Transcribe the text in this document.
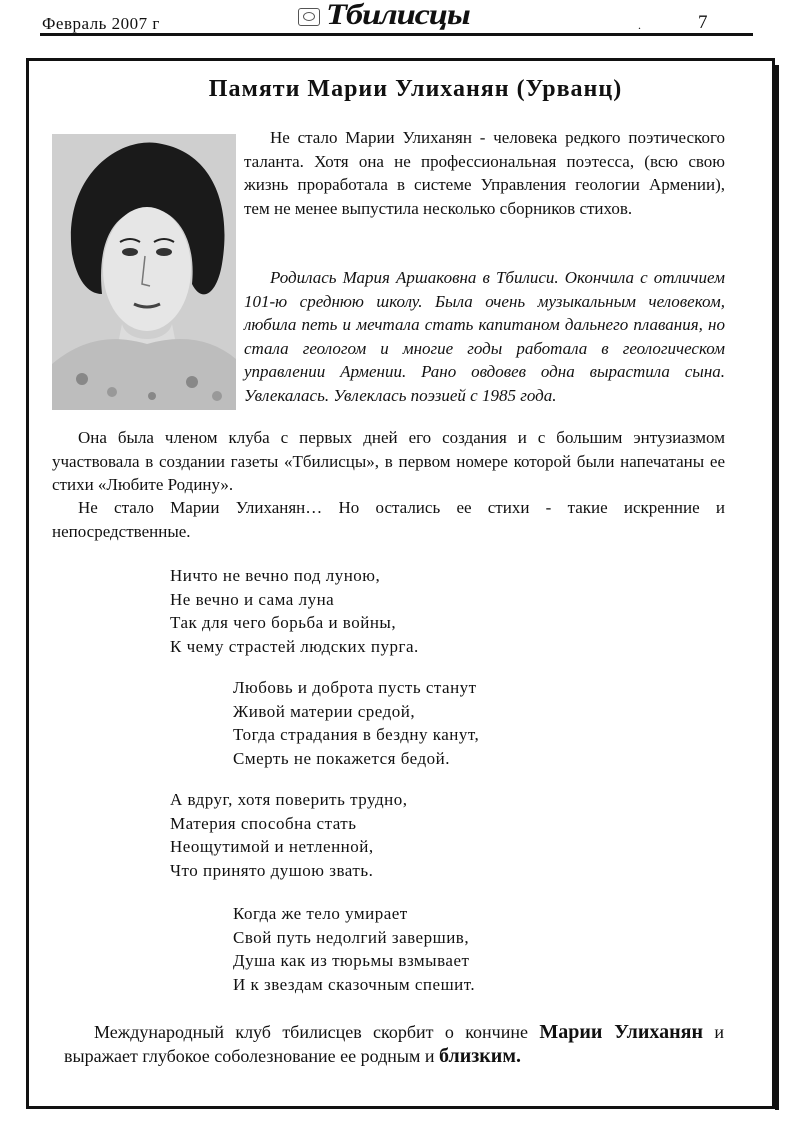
Февраль 2007 г	Тбилисцы	.	7
Памяти Марии Улиханян (Урванц)
Не стало Марии Улиханян - человека редкого поэтического таланта. Хотя она не профессиональная поэтесса, (всю свою жизнь проработала в системе Управления геологии Армении), тем не менее выпустила несколько сборников стихов.
Родилась Мария Аршаковна в Тбилиси. Окончила с отличием 101-ю среднюю школу. Была очень музыкальным человеком, любила петь и мечтала стать капитаном дальнего плавания, но стала геологом и многие годы работала в геологическом управлении Армении. Рано овдовев одна вырастила сына. Увлекалась. Увлеклась поэзией с 1985 года.
Она была членом клуба с первых дней его создания и с большим энтузиазмом участвовала в создании газеты «Тбилисцы», в первом номере которой были напечатаны ее стихи «Любите Родину».
Не стало Марии Улиханян… Но остались ее стихи - такие искренние и непосредственные.
Ничто не вечно под луною,
Не вечно и сама луна
Так для чего борьба и войны,
К чему страстей людских пурга.
Любовь и доброта пусть станут
Живой материи средой,
Тогда страдания в бездну канут,
Смерть не покажется бедой.
А вдруг, хотя поверить трудно,
Материя способна стать
Неощутимой и нетленной,
Что принято душою звать.
Когда же тело умирает
Свой путь недолгий завершив,
Душа как из тюрьмы взмывает
И к звездам сказочным спешит.
Международный клуб тбилисцев скорбит о кончине Марии Улиханян и выражает глубокое соболезнование ее родным и близким.
